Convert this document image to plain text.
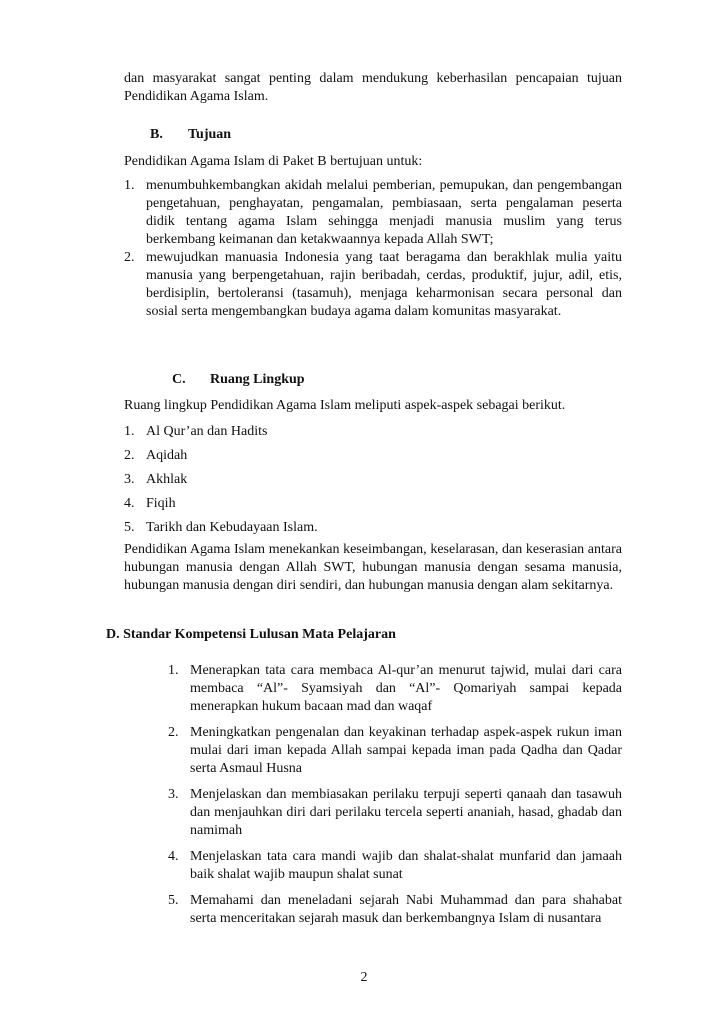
dan masyarakat sangat penting dalam mendukung keberhasilan pencapaian tujuan Pendidikan Agama Islam.
B. Tujuan
Pendidikan Agama Islam di Paket B bertujuan untuk:
1. menumbuhkembangkan akidah melalui pemberian, pemupukan, dan pengembangan pengetahuan, penghayatan, pengamalan, pembiasaan, serta pengalaman peserta didik tentang agama Islam sehingga menjadi manusia muslim yang terus berkembang keimanan dan ketakwaannya kepada Allah SWT;
2. mewujudkan manuasia Indonesia yang taat beragama dan berakhlak mulia yaitu manusia yang berpengetahuan, rajin beribadah, cerdas, produktif, jujur, adil, etis, berdisiplin, bertoleransi (tasamuh), menjaga keharmonisan secara personal dan sosial serta mengembangkan budaya agama dalam komunitas masyarakat.
C. Ruang Lingkup
Ruang lingkup Pendidikan Agama Islam meliputi aspek-aspek sebagai berikut.
1. Al Qur’an dan Hadits
2. Aqidah
3. Akhlak
4. Fiqih
5. Tarikh dan Kebudayaan Islam.
Pendidikan Agama Islam menekankan keseimbangan, keselarasan, dan keserasian antara hubungan manusia dengan Allah SWT, hubungan manusia dengan sesama manusia, hubungan manusia dengan diri sendiri, dan hubungan manusia dengan alam sekitarnya.
D. Standar Kompetensi Lulusan Mata Pelajaran
1. Menerapkan tata cara membaca Al-qur’an menurut tajwid, mulai dari cara membaca “Al”- Syamsiyah dan “Al”- Qomariyah sampai kepada menerapkan hukum bacaan mad dan waqaf
2. Meningkatkan pengenalan dan keyakinan terhadap aspek-aspek rukun iman mulai dari iman kepada Allah sampai kepada iman pada Qadha dan Qadar serta Asmaul Husna
3. Menjelaskan dan membiasakan perilaku terpuji seperti qanaah dan tasawuh dan menjauhkan diri dari perilaku tercela seperti ananiah, hasad, ghadab dan namimah
4. Menjelaskan tata cara mandi wajib dan shalat-shalat munfarid dan jamaah baik shalat wajib maupun shalat sunat
5. Memahami dan meneladani sejarah Nabi Muhammad dan para shahabat serta menceritakan sejarah masuk dan berkembangnya Islam di nusantara
2
